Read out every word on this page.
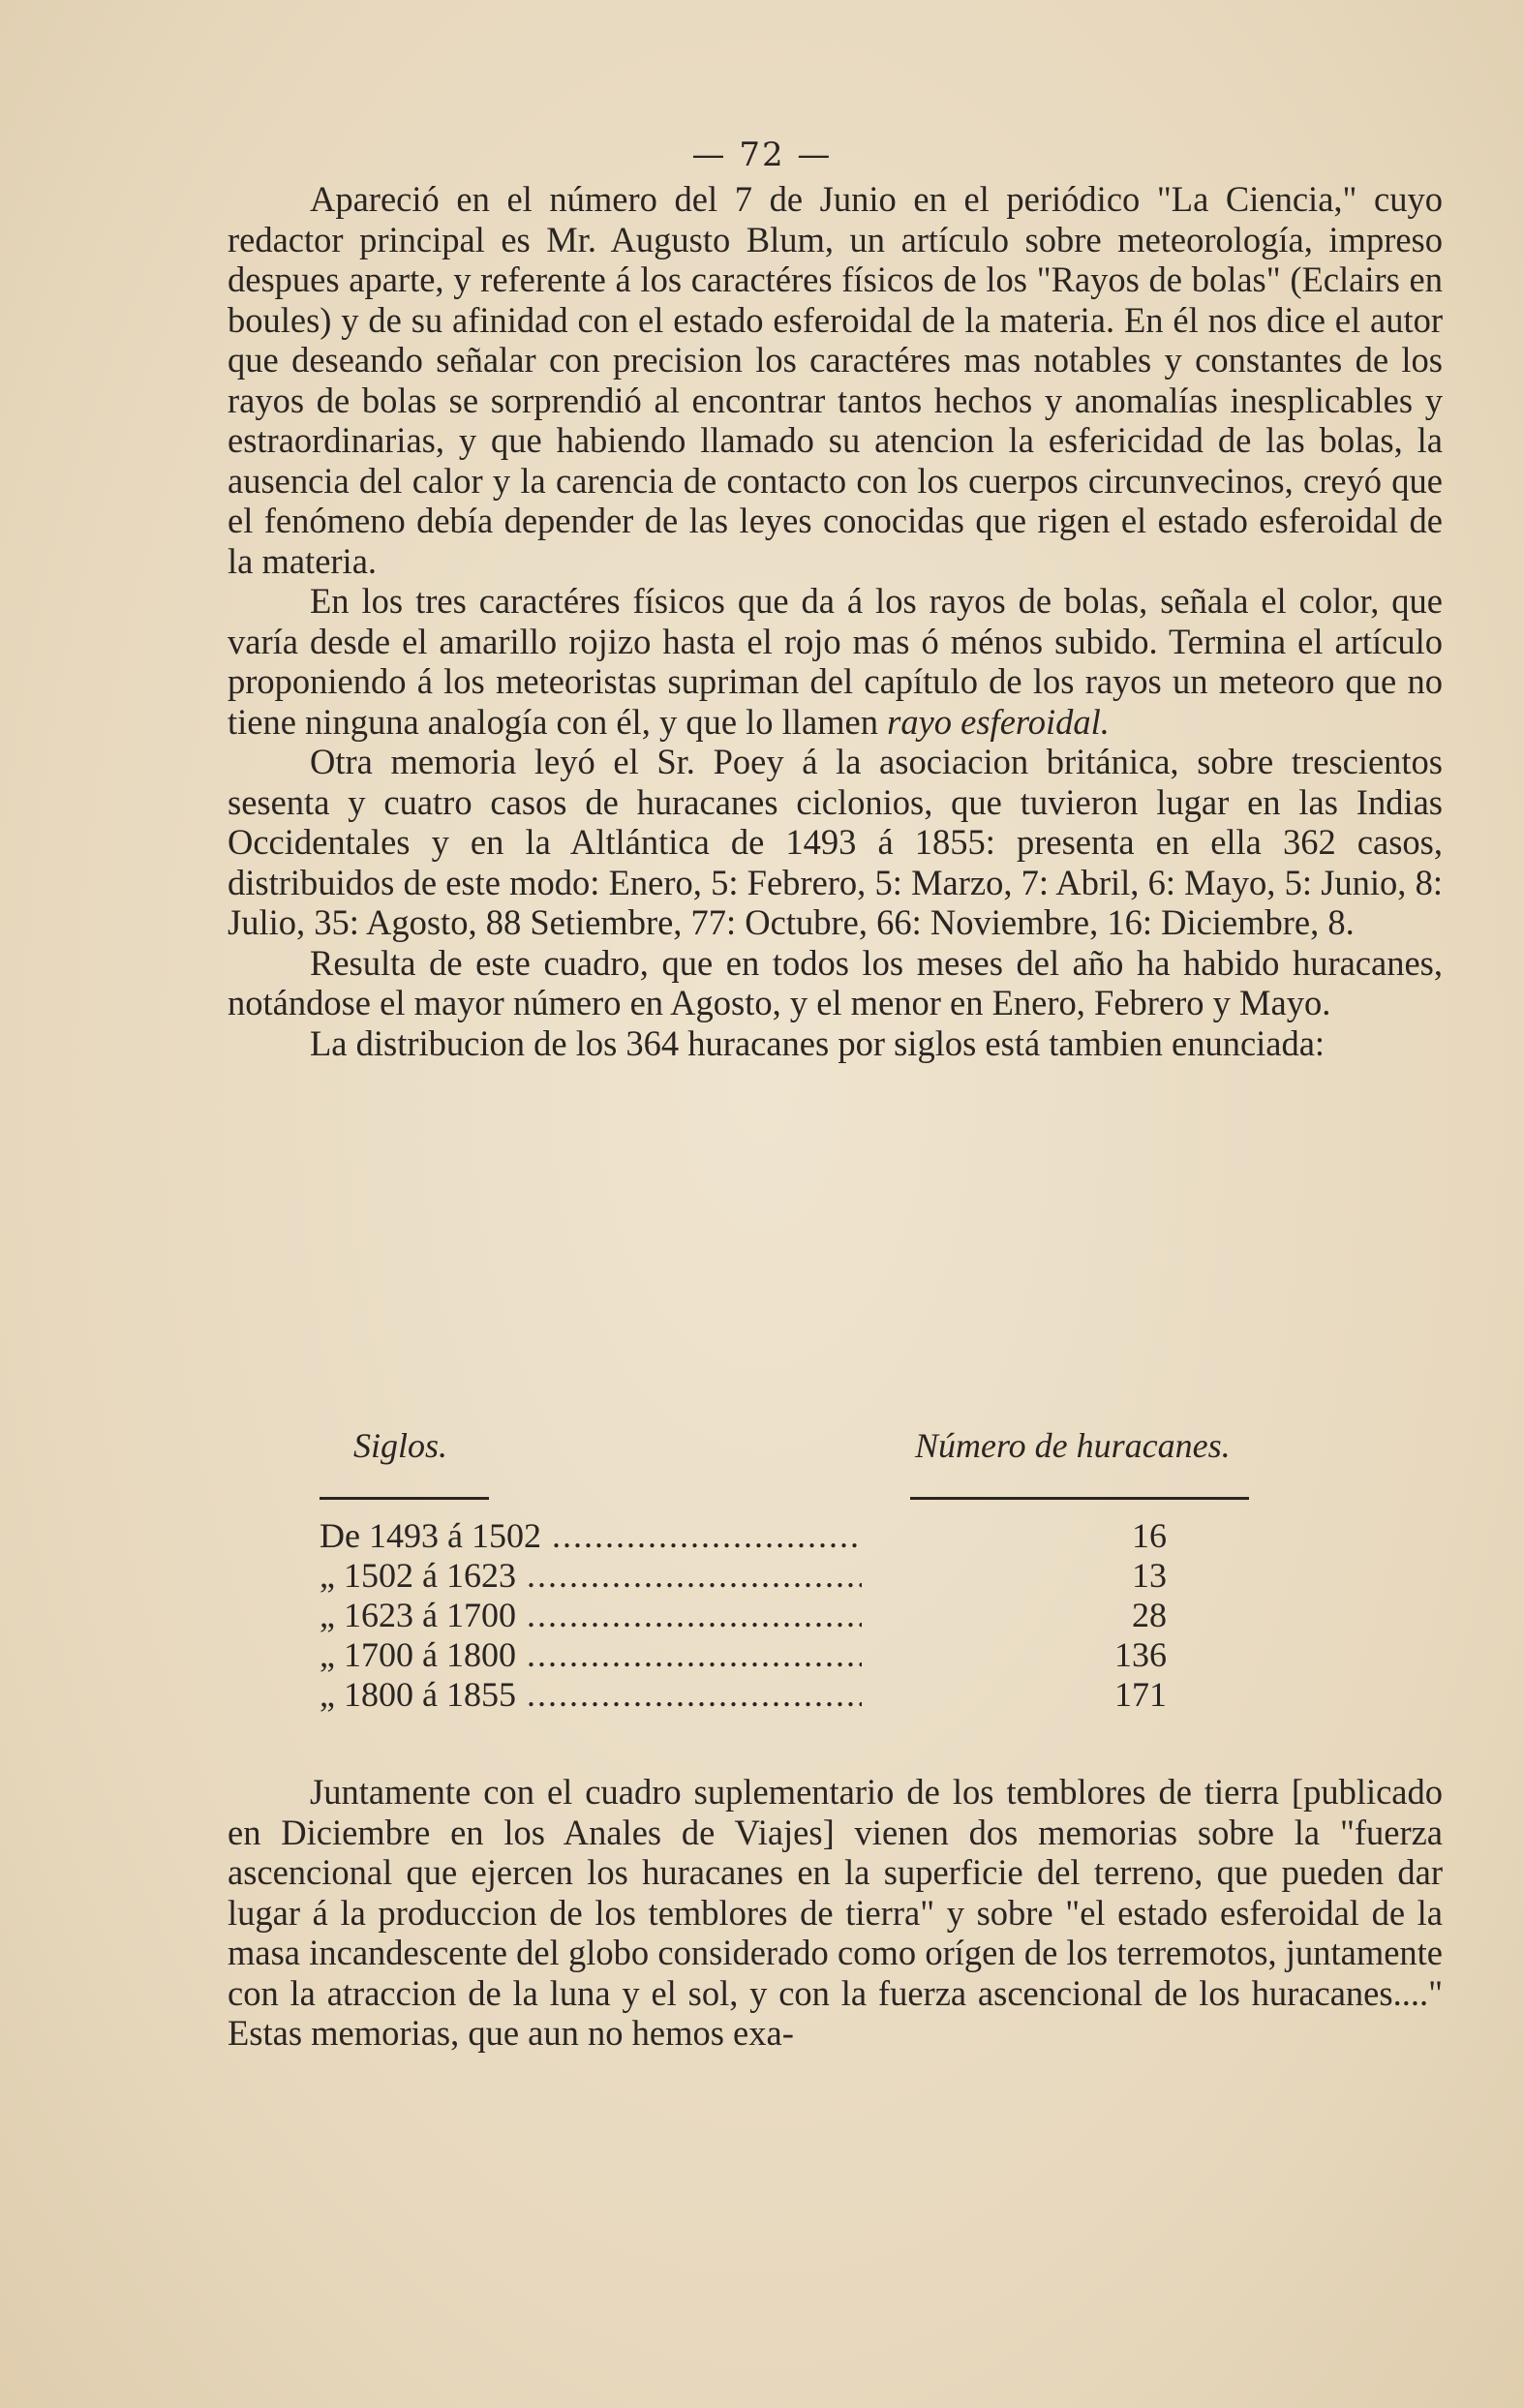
— 72 —

Apareció en el número del 7 de Junio en el periódico "La Ciencia," cuyo redactor principal es Mr. Augusto Blum, un artículo sobre meteorología, impreso despues aparte, y referente á los caractéres físicos de los "Rayos de bolas" (Eclairs en boules) y de su afinidad con el estado esferoidal de la materia. En él nos dice el autor que deseando señalar con precision los caractéres mas notables y constantes de los rayos de bolas se sorprendió al encontrar tantos hechos y anomalías inesplicables y estraordinarias, y que habiendo llamado su atencion la esfericidad de las bolas, la ausencia del calor y la carencia de contacto con los cuerpos circunvecinos, creyó que el fenómeno debía depender de las leyes conocidas que rigen el estado esferoidal de la materia.

En los tres caractéres físicos que da á los rayos de bolas, señala el color, que varía desde el amarillo rojizo hasta el rojo mas ó ménos subido. Termina el artículo proponiendo á los meteoristas supriman del capítulo de los rayos un meteoro que no tiene ninguna analogía con él, y que lo llamen rayo esferoidal.

Otra memoria leyó el Sr. Poey á la asociacion británica, sobre trescientos sesenta y cuatro casos de huracanes ciclonios, que tuvieron lugar en las Indias Occidentales y en la Altlántica de 1493 á 1855: presenta en ella 362 casos, distribuidos de este modo: Enero, 5: Febrero, 5: Marzo, 7: Abril, 6: Mayo, 5: Junio, 8: Julio, 35: Agosto, 88 Setiembre, 77: Octubre, 66: Noviembre, 16: Diciembre, 8.

Resulta de este cuadro, que en todos los meses del año ha habido huracanes, notándose el mayor número en Agosto, y el menor en Enero, Febrero y Mayo.

La distribucion de los 364 huracanes por siglos está tambien enunciada:

Siglos.	Número de huracanes.
De 1493 á 1502 .....	16
„ 1502 á 1623 .....	13
„ 1623 á 1700 .....	28
„ 1700 á 1800 .....	136
„ 1800 á 1855 .....	171

Juntamente con el cuadro suplementario de los temblores de tierra [publicado en Diciembre en los Anales de Viajes] vienen dos memorias sobre la "fuerza ascencional que ejercen los huracanes en la superficie del terreno, que pueden dar lugar á la produccion de los temblores de tierra" y sobre "el estado esferoidal de la masa incandescente del globo considerado como orígen de los terremotos, juntamente con la atraccion de la luna y el sol, y con la fuerza ascencional de los huracanes...." Estas memorias, que aun no hemos exa-
